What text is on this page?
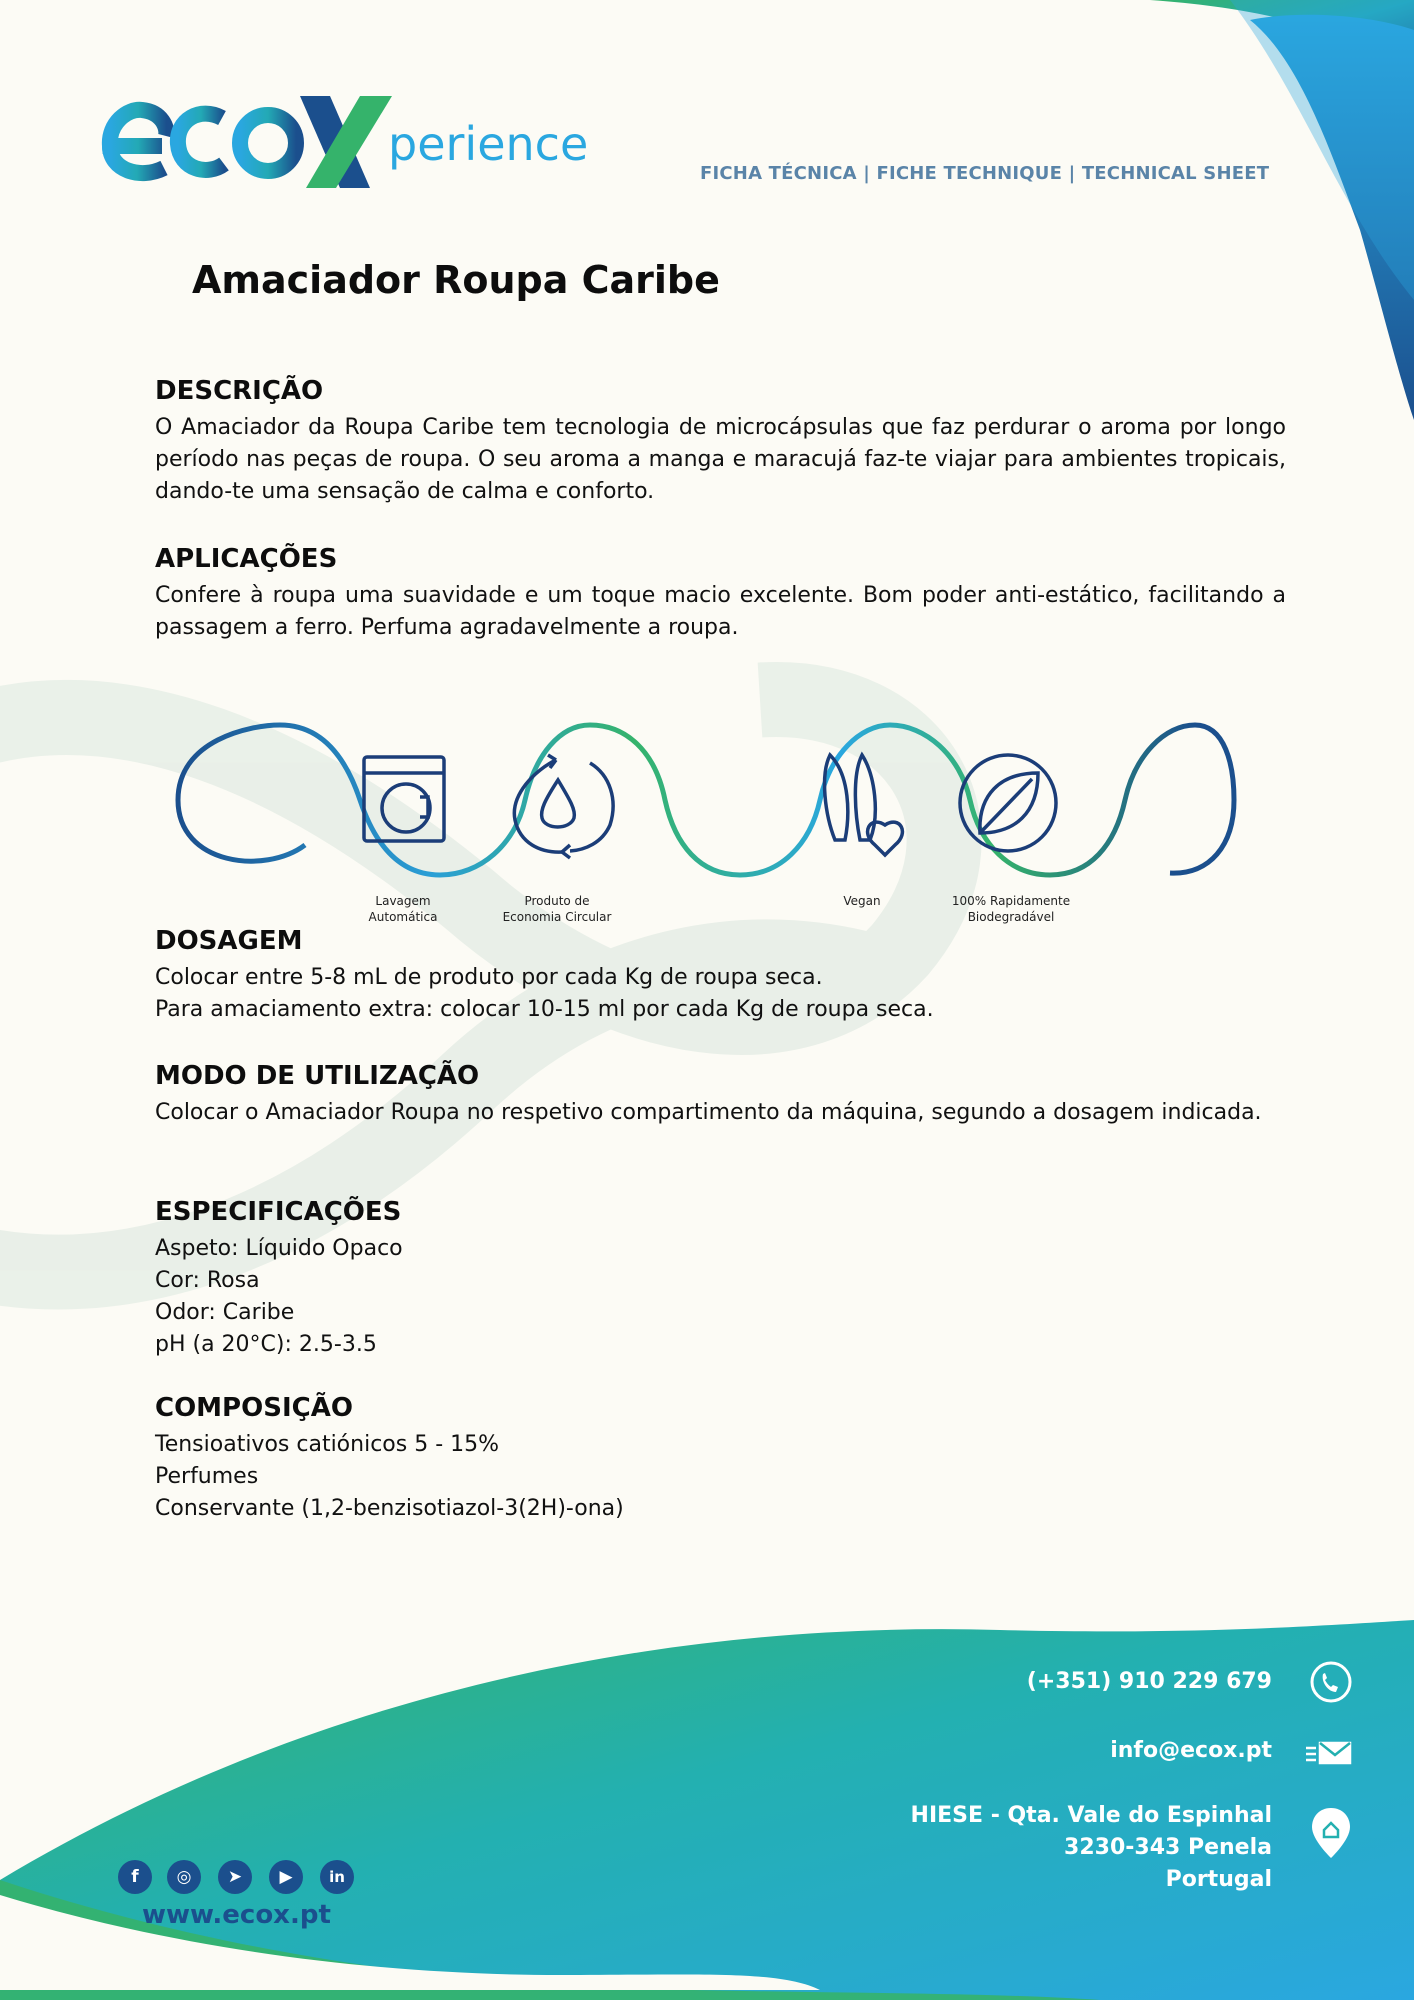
perience
FICHA TÉCNICA | FICHE TECHNIQUE | TECHNICAL SHEET
Amaciador Roupa Caribe
DESCRIÇÃO

O Amaciador da Roupa Caribe tem tecnologia de microcápsulas que faz perdurar o aroma por longo período nas peças de roupa. O seu aroma a manga e maracujá faz-te viajar para ambientes tropicais, dando-te uma sensação de calma e conforto.

APLICAÇÕES

Confere à roupa uma suavidade e um toque macio excelente. Bom poder anti-estático, facilitando a passagem a ferro. Perfuma agradavelmente a roupa.

Lavagem
Automática
Produto de
Economia Circular
Vegan	100% Rapidamente
Biodegradável
DOSAGEM
Colocar entre 5-8 mL de produto por cada Kg de roupa seca.
Para amaciamento extra: colocar 10-15 ml por cada Kg de roupa seca.
MODO DE UTILIZAÇÃO

Colocar o Amaciador Roupa no respetivo compartimento da máquina, segundo a dosagem indicada.

ESPECIFICAÇÕES
Aspeto: Líquido Opaco
Cor: Rosa
Odor: Caribe
pH (a 20°C): 2.5-3.5
COMPOSIÇÃO
Tensioativos catiónicos 5 - 15%
Perfumes
Conservante (1,2-benzisotiazol-3(2H)-ona)
(+351) 910 229 679
info@ecox.pt
HIESE - Qta. Vale do Espinhal
3230-343 Penela
Portugal
f	◎	➤	▶	in
www.ecox.pt
